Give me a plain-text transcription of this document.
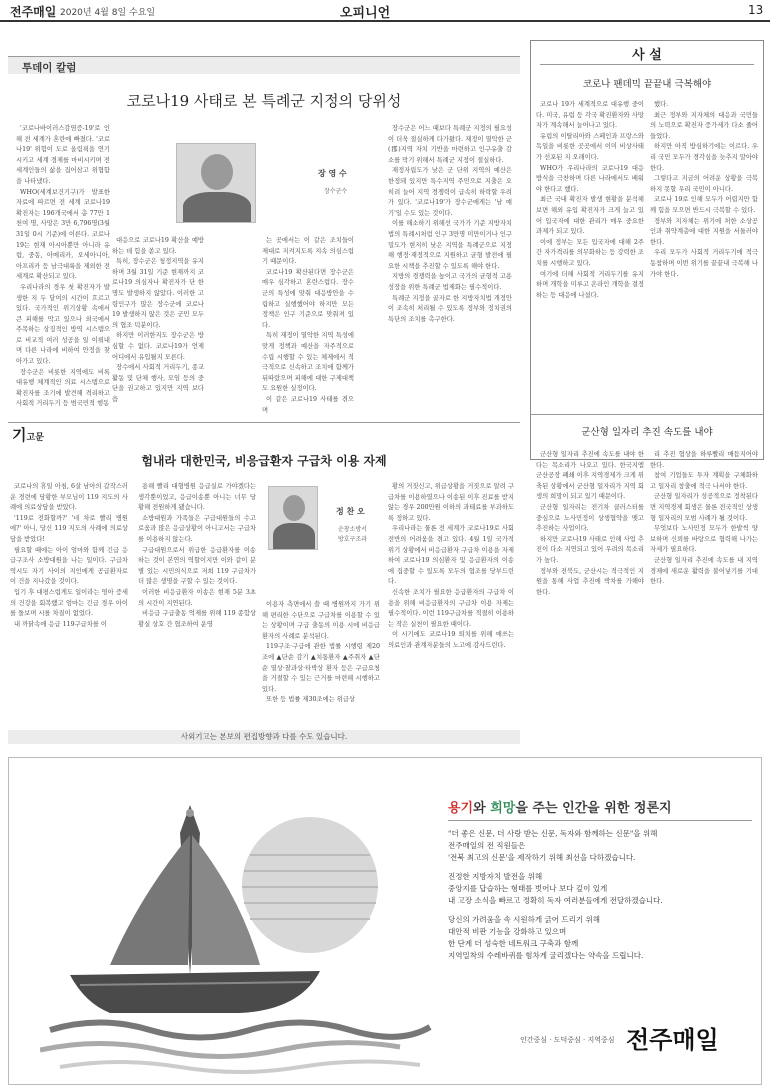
전주매일 2020년 4월 8일 수요일	오피니언	13
투데이 칼럼
코로나19 사태로 본 특례군 지정의 당위성

'코로나바이러스감염증-19'로 인해 전 세계가 혼란에 빠졌다. '코로나19' 위험이 도로 올림픽을 연기시키고 세계 경제를 마비시키며 전 세계인들의 삶을 집어삼고 위협함을 나타냈다.

WHO(세계보건기구)가 발표한 자료에 따르면 전 세계 코로나19 확진자는 196개국에서 총 77만 1천여 명, 사망은 3만 6,796명(3월31일 0시 기준)에 이른다. 코로나19는 현재 아시아뿐만 아니라 유럽, 중동, 아메리카, 오세아니아, 아프리카 등 남극대륙을 제외한 전 세계로 확산되고 있다.

우리나라의 경우 첫 확진자가 발생한 지 두 달여의 시간이 흐르고 있다. 국가적인 위기상황 속에서 큰 피해를 막고 있으나 외국에서 주목하는 상징적인 방역 시스템으로 비교적 여러 성공을 일 이뤄내며 다른 나라에 비하여 안정을 찾아가고 있다.

장수군은 비롯한 지역에도 비록 대유행 체계적인 의료 시스템으로 확진자를 조기에 발견해 격리하고 사회적 거리두기 등 범국민적 행동

장 영 수
장수군수

대응으로 코로나19 확산을 예방하는 데 힘을 쏟고 있다.

특히, 장수군은 청정지역을 유지하며 3월 31일 기준 현재까지 코로나19 의심자나 확진자가 단 한 명도 발생하지 않았다. 이러한 고령인구가 많은 장수군에 코로나19 발생하지 않은 것은 군민 모두의 협조 덕분이다.

하지만 이러한지도 장수군은 방심할 수 없다. 코로나19가 언제 어디에서 유입될지 모른다.

장수에서 사회적 거리두기, 종교활동 및 단체 행사, 모임 등의 중단을 권고하고 있지만 지역 보다 읍

는 곳에서는 이 같은 조치들이 제대로 지켜지도록 지속 의심스럽기 때문이다.

코로나19 확산된다면 장수군은 매우 심각하고 혼란스럽다. 장수군의 특성에 맞춰 대응방안을 수립하고 실행했어야 하지만 모든 정책은 인구 기준으로 맞춰져 있다.

특히 재정이 열악한 지역 특성에 맞게 정책과 예산을 자주적으로 수립 시행할 수 있는 체제에서 적극적으로 신속하고 조치에 함께가 뒤따랐으며 피해에 대한 구제대책도 요원한 실정이다.

이 같은 코로나19 사태를 겪으며

장수군은 어느 때보다 특례군 지정의 필요성이 더욱 절실하게 다가왔다. 재정이 열악한 군(郡)지역 자치 기반을 마련하고 인구유출 감소를 막기 위해서 특례군 지정이 절실하다.

재정자립도가 낮은 군 단위 지역의 예산은 한정돼 있지만 특수지역 주민으로 지출은 오히려 늘어 지역 경쟁력이 급속히 하락할 우려가 있다. '코로나19'가 장수군에게는 '남 얘기'일 수도 있는 것이다.

이를 해소하기 위해선 국가가 기준 지방자치법의 특례시처럼 인구 3만명 미만이거나 인구밀도가 현저히 낮은 지역을 특례군으로 지정해 행정·재정적으로 지원하고 균형 발전에 필요한 시책을 추진할 수 있도록 해야 한다.

지방의 경쟁력을 높이고 국가의 균형적 고용 성장을 위한 특례군 법제화는 필수적이다.

특례군 지정을 골자로 한 지방자치법 개정안이 조속히 처리될 수 있도록 정부와 정치권의 특단의 조치를 촉구한다.

기고문
험내라 대한민국, 비응급환자 구급차 이용 자제

코로나의 휴일 아침, 6살 남아의 갑작스러운 경련에 당황한 부모님이 119 지도의 사례에 의료상담을 받았다.

'119로 전화할까?' '네 차로 빨리 병원에?' 아니, 당신 119 지도의 사례에 의료상담을 받았다!

필요할 때에는 아이 엄마와 함께 긴급 응급구조사 소방대원을 나는 일이다. 구급차 역시도 자기 사이의 지인에게 공급환자로 이 건을 지나갔을 것이다.

입기 후 대평스럽게도 일이라는 영아 증세의 건강을 회복했고 엄마는 긴급 경우 아이를 돌보며 시를 차질이 없었다.

내 까닭속에 응급 119구급차를 이

용해 빨리 대형병원 응급실로 가야겠다는 생각뿐이었고, 응급이송뿐 아니는 너무 당황해 전원하게 됐습니다.

소방대원과 가족들은 구급대원들의 수고로움과 많은 응급상황이 아니고서는 구급차를 이용하지 않는다.

구급대원으로서 위급한 응급환자를 이송하는 것이 본연의 역할이지만 이와 같이 분별 있는 시민의식으로 저희 119 구급차가 더 많은 생명을 구할 수 있는 것이다.

이러한 비응급환자 이송은 현재 5분 3초의 시간이 지연된다.

비응급 구급출동 억제를 위해 119 종합상황실 상호 간 협조하여 운영

정 찬 오
순창소방서
방호구조과

이용자 측면에서 쓸 때 병원까지 가기 위해 편리한 수단으로 구급차를 이용할 수 있는 상황이며 구급 출동의 이용 시에 비응급 환자의 사례로 분석된다.

119구조·구급에 관한 법률 시행령 제20조에 ▲단순 감기 ▲치통환자 ▲주취자 ▲단순 열상·찰과상·타박상 환자 등은 구급요청을 거절할 수 있는 근거를 마련해 시행하고 있다.

또한 등 법률 제30조에는 위급상

황의 거짓신고, 위급상황을 거짓으로 알려 구급차를 이용하였으나 이송된 이후 진료를 받지 않는 경우 200만원 이하의 과태료를 부과하도록 정하고 있다.

우리나라는 물론 전 세계가 코로나19로 사회 전반의 어려움을 겪고 있다. 4월 1일 국가적 위기 상황에서 비응급환자 구급차 이용을 자제하여 코로나19 의심환자 및 응급환자의 이송에 집중할 수 있도록 모두의 협조를 당부드린다.

신속한 조치가 필요한 응급환자의 구급차 이용을 위해 비응급환자의 구급차 이용 자제는 필수적이다. 이런 119구급차를 적절히 이용하는 작은 실천이 필요한 때이다.

이 시기에도 코로나19 퇴치를 위해 애쓰는 의료인과 관계자분들의 노고에 감사드린다.

사외기고는 본보의 편집방향과 다를 수도 있습니다.
사 설
코로나 팬데믹 끝끝내 극복해야

코로나 19가 세계적으로 대유행 중이다. 미국, 유럽 등 각국 확진환자와 사망자가 계속해서 늘어나고 있다.

유럽의 이탈리아와 스페인과 프랑스와 독일을 비롯한 곳곳에서 이미 비상사태가 선포된 지 오래이다.

WHO가 우리나라의 코로나19 대응 방식을 극찬하며 다른 나라에서도 배워야 한다고 했다.

최근 국내 확진자 발생 현황을 분석해 보면 해외 유입 확진자가 크게 늘고 있어 입국자에 대한 관리가 매우 중요한 과제가 되고 있다.

이에 정부는 모든 입국자에 대해 2주간 자가격리를 의무화하는 등 강력한 조치를 시행하고 있다.

여기에 더해 사회적 거리두기를 유지하며 개학을 미루고 온라인 개학을 결정하는 등 대응에 나섰다.

했다.

최근 정부와 지자체의 대응과 국민들의 노력으로 확진자 증가세가 다소 줄어들었다.

하지만 아직 방심하기에는 이르다. 우리 국민 모두가 경각심을 늦추지 말아야 한다.

그렇다고 지금의 어려운 상황을 극복하지 못할 우리 국민이 아니다.

코로나 19로 인해 모두가 어렵지만 함께 힘을 모으면 반드시 극복할 수 있다.

정부와 지자체는 위기에 처한 소상공인과 취약계층에 대한 지원을 서둘러야 한다.

우리 모두가 사회적 거리두기에 적극 동참하며 이번 위기를 끝끝내 극복해 나가야 한다.

군산형 일자리 추진 속도를 내야

군산형 일자리 추진에 속도를 내야 한다는 목소리가 나오고 있다. 한국지엠 군산공장 폐쇄 이후 지역경제가 크게 위축된 상황에서 군산형 일자리가 지역 회생의 희망이 되고 있기 때문이다.

군산형 일자리는 전기차 클러스터를 중심으로 노사민정이 상생협약을 맺고 추진하는 사업이다.

하지만 코로나19 사태로 인해 사업 추진이 다소 지연되고 있어 우려의 목소리가 높다.

정부와 전북도, 군산시는 적극적인 지원을 통해 사업 추진에 박차를 가해야 한다.

리 추진 협상을 하루빨리 매듭지어야 한다.

참여 기업들도 투자 계획을 구체화하고 일자리 창출에 적극 나서야 한다.

군산형 일자리가 성공적으로 정착된다면 지역경제 회생은 물론 전국적인 상생형 일자리의 모범 사례가 될 것이다.

무엇보다 노사민정 모두가 한발씩 양보하며 신뢰를 바탕으로 협력해 나가는 자세가 필요하다.

군산형 일자리 추진에 속도를 내 지역경제에 새로운 활력을 불어넣기를 기대한다.

용기와 희망을 주는 인간을 위한 정론지
"더 좋은 신문, 더 사랑 받는 신문, 독자와 함께하는 신문"을 위해
전주매일의 전 직원들은
'전북 최고의 신문'을 제작하기 위해 최선을 다하겠습니다.
진정한 지방자치 발전을 위해
중앙지를 답습하는 형태를 벗어나 보다 깊이 있게
내 고장 소식을 빠르고 정확히 독자 여러분들에게 전달하겠습니다.
당신의 가려움을 속 시원하게 긁어 드리기 위해
대안적 비판 기능을 강화하고 있으며
한 단계 더 성숙한 네트워크 구축과 함께
지역밀착의 수레바퀴를 힘차게 굴리겠다는 약속을 드립니다.
인간중심 · 도덕중심 · 지역중심 전주매일
